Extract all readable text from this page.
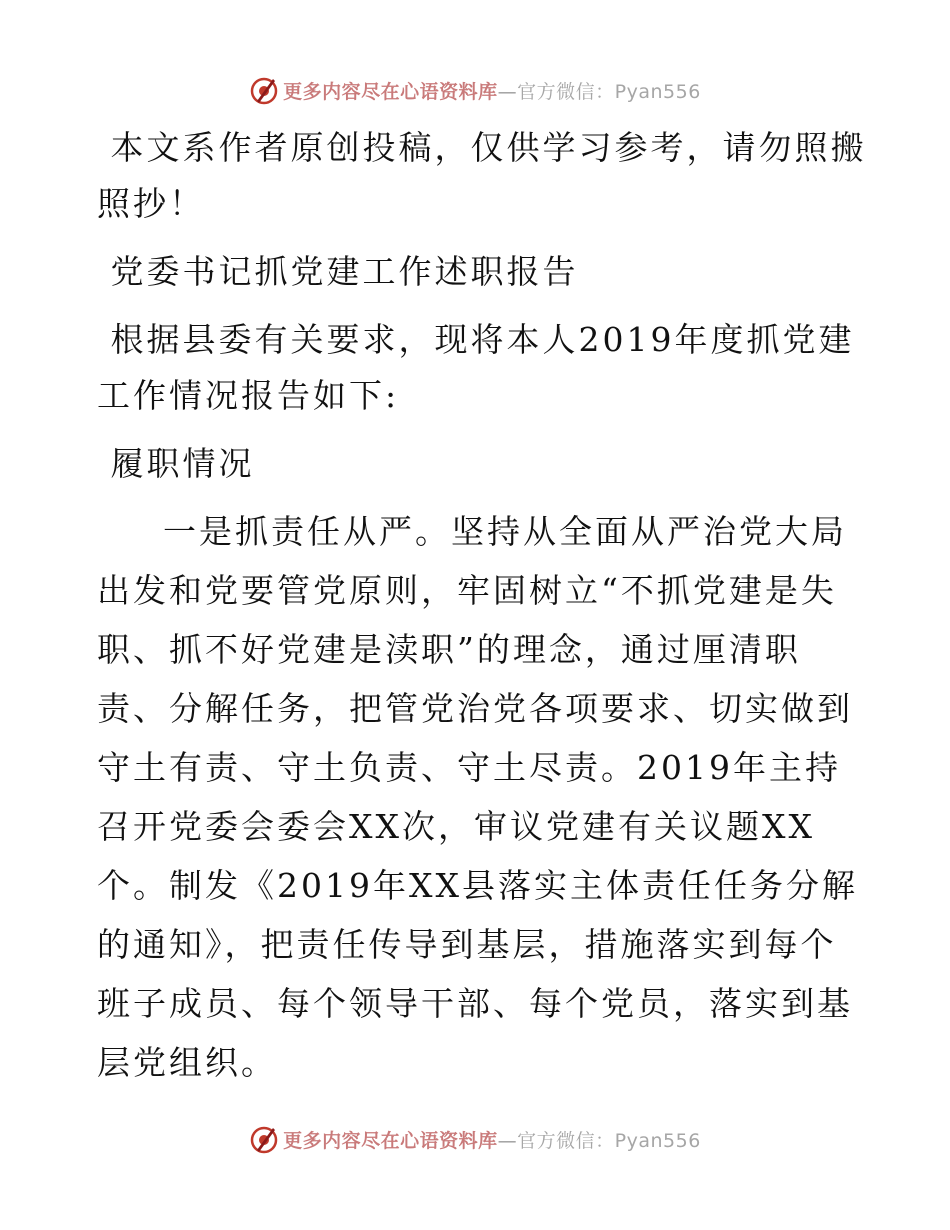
更多内容尽在心语资料库—官方微信：Pyan556

本文系作者原创投稿，仅供学习参考，请勿照搬照抄！

党委书记抓党建工作述职报告

根据县委有关要求，现将本人2019年度抓党建工作情况报告如下:

履职情况

一是抓责任从严。坚持从全面从严治党大局出发和党要管党原则，牢固树立“不抓党建是失职、抓不好党建是渎职”的理念，通过厘清职责、分解任务，把管党治党各项要求、切实做到守土有责、守土负责、守土尽责。2019年主持召开党委会委会XX次，审议党建有关议题XX个。制发《2019年XX县落实主体责任任务分解的通知》，把责任传导到基层，措施落实到每个班子成员、每个领导干部、每个党员，落实到基层党组织。

更多内容尽在心语资料库—官方微信：Pyan556
